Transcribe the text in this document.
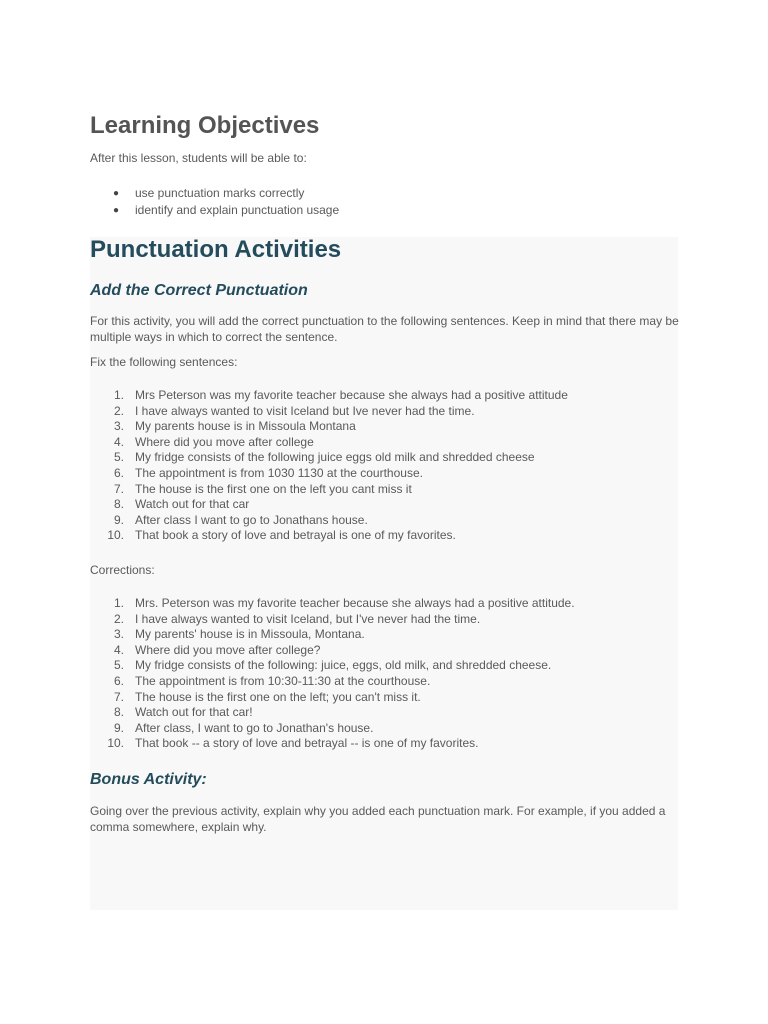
Learning Objectives

After this lesson, students will be able to:

● use punctuation marks correctly
● identify and explain punctuation usage
Punctuation Activities
Add the Correct Punctuation

For this activity, you will add the correct punctuation to the following sentences. Keep in mind that there may be multiple ways in which to correct the sentence.

Fix the following sentences:

1. Mrs Peterson was my favorite teacher because she always had a positive attitude
2. I have always wanted to visit Iceland but Ive never had the time.
3. My parents house is in Missoula Montana
4. Where did you move after college
5. My fridge consists of the following juice eggs old milk and shredded cheese
6. The appointment is from 1030 1130 at the courthouse.
7. The house is the first one on the left you cant miss it
8. Watch out for that car
9. After class I want to go to Jonathans house.
10. That book a story of love and betrayal is one of my favorites.

Corrections:

1. Mrs. Peterson was my favorite teacher because she always had a positive attitude.
2. I have always wanted to visit Iceland, but I've never had the time.
3. My parents' house is in Missoula, Montana.
4. Where did you move after college?
5. My fridge consists of the following: juice, eggs, old milk, and shredded cheese.
6. The appointment is from 10:30-11:30 at the courthouse.
7. The house is the first one on the left; you can't miss it.
8. Watch out for that car!
9. After class, I want to go to Jonathan's house.
10. That book -- a story of love and betrayal -- is one of my favorites.
Bonus Activity:

Going over the previous activity, explain why you added each punctuation mark. For example, if you added a comma somewhere, explain why.
